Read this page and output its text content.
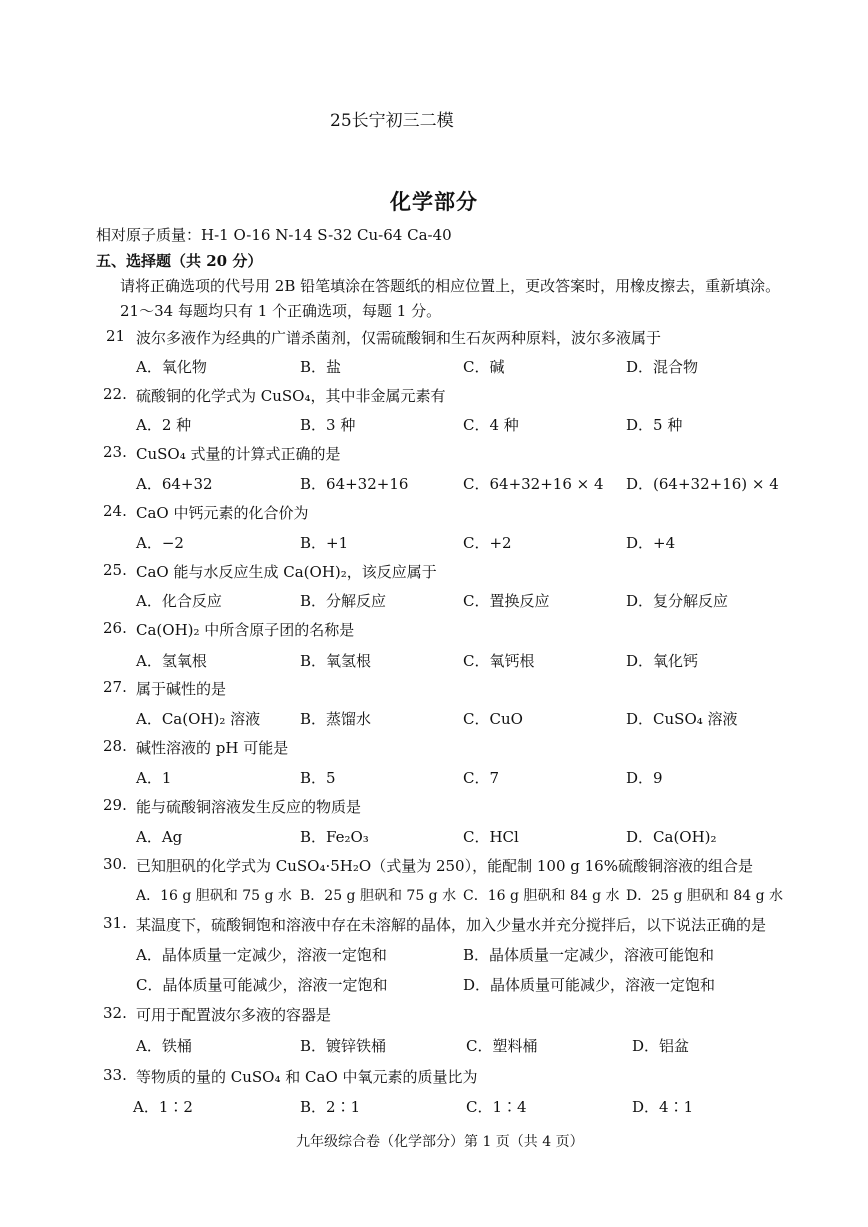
25长宁初三二模
化学部分
相对原子质量：H-1 O-16 N-14 S-32 Cu-64 Ca-40
五、选择题（共 20 分）
请将正确选项的代号用 2B 铅笔填涂在答题纸的相应位置上，更改答案时，用橡皮擦去，重新填涂。
21～34 每题均只有 1 个正确选项，每题 1 分。
21 波尔多液作为经典的广谱杀菌剂，仅需硫酸铜和生石灰两种原料，波尔多液属于
A．氧化物	B．盐	C．碱	D．混合物
22. 硫酸铜的化学式为 CuSO₄，其中非金属元素有
A．2 种	B．3 种	C．4 种	D．5 种
23. CuSO₄ 式量的计算式正确的是
A．64+32	B．64+32+16	C．64+32+16 × 4 D．(64+32+16) × 4
24. CaO 中钙元素的化合价为
A．−2	B．+1	C．+2	D．+4
25. CaO 能与水反应生成 Ca(OH)₂，该反应属于
A．化合反应	B．分解反应	C．置换反应	D．复分解反应
26. Ca(OH)₂ 中所含原子团的名称是
A．氢氧根	B．氧氢根	C．氧钙根	D．氧化钙
27. 属于碱性的是
A．Ca(OH)₂ 溶液	B．蒸馏水	C．CuO	D．CuSO₄ 溶液
28. 碱性溶液的 pH 可能是
A．1	B．5	C．7	D．9
29. 能与硫酸铜溶液发生反应的物质是
A．Ag	B．Fe₂O₃	C．HCl	D．Ca(OH)₂
30. 已知胆矾的化学式为 CuSO₄·5H₂O（式量为 250），能配制 100 g 16%硫酸铜溶液的组合是
A．16 g 胆矾和 75 g 水 B．25 g 胆矾和 75 g 水 C．16 g 胆矾和 84 g 水 D．25 g 胆矾和 84 g 水
31. 某温度下，硫酸铜饱和溶液中存在未溶解的晶体，加入少量水并充分搅拌后，以下说法正确的是
A．晶体质量一定减少，溶液一定饱和	B．晶体质量一定减少，溶液可能饱和
C．晶体质量可能减少，溶液一定饱和	D．晶体质量可能减少，溶液一定饱和
32. 可用于配置波尔多液的容器是
A．铁桶	B．镀锌铁桶	C．塑料桶	D．铝盆
33. 等物质的量的 CuSO₄ 和 CaO 中氧元素的质量比为
A．1∶2	B．2∶1	C．1∶4	D．4∶1
九年级综合卷（化学部分）第 1 页（共 4 页）
